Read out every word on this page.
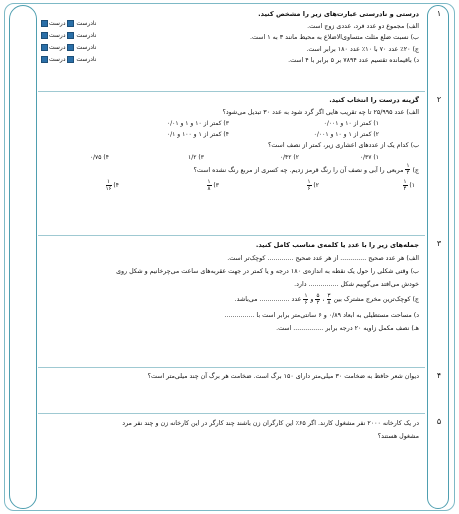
۱
درستی و نادرستی عبارت‌های زیر را مشخص کنید.
الف) مجموع دو عدد فرد، عددی زوج است.
ب) نسبت ضلع مثلث متساوی‌الاضلاع به محیط مانند ۳ به ۱ است.
ج) ۲۰٪ عدد ۷۰ با ۱۰٪ عدد ۱۸۰ برابر است.
د) باقیمانده تقسیم عدد ۷۸۹۴ بر ۵ برابر با ۴ است.
نادرست درست
نادرست درست
نادرست درست
نادرست درست
۲
گزینه درست را انتخاب کنید.
الف) عدد ۲۵/۹۹۵ تا چه تقریب هایی اگر گرد شود به عدد ۳۰ تبدیل می‌شود؟
۱) کمتر از ۱۰ و ۰/۰۰۱
۳) کمتر از ۱۰ و ۱ و ۰/۰۱
۲) کمتر از ۱ و ۱۰ و ۰/۰۰۱
۴) کمتر از ۱ و ۱۰۰ و ۰/۱
ب) کدام یک از عددهای اعشاری زیر، کمتر از نصف است؟
۱) ۰/۳۷
۲) ۰/۴۲
۳) ۱/۲
۴) ۰/۷۵
ج)
$\frac{۱}{۴}$
مربعی را آبی و نصف آن را رنگ قرمز زدیم. چه کسری از مربع رنگ نشده است؟
۱)
$\frac{۱}{۴}$
۲)
$\frac{۱}{۶}$
۳)
$\frac{۱}{۸}$
۴)
$\frac{۱}{۱۶}$
۳
جمله‌های زیر را با عدد یا کلمه‌ی مناسب کامل کنید.
الف) هر عدد صحیح ............. از هر عدد صحیح ............. کوچک‌تر است.
ب) وقتی شکلی را حول یک نقطه به اندازه‌ی ۱۸۰ درجه و یا کمتر در جهت عقربه‌های ساعت می‌چرخانیم و شکل روی
خودش می‌افتد می‌گوییم شکل ............... دارد.
ج) کوچک‌ترین مخرج مشترک بین
$\frac{۳}{۸}$
،
$\frac{۵}{۲}$
و
$\frac{۱}{۶}$
عدد ............... می‌باشد.
د) مساحت مستطیلی به ابعاد ۰/۸۹ و ۶ سانتی‌متر برابر است با ...............
هـ) نصف مکمل زاویه ۲۰ درجه برابر ............... است.
۴
دیوان شعر حافظ به ضخامت ۳۰ میلی‌متر دارای ۱۵۰ برگ است. ضخامت هر برگ آن چند میلی‌متر است؟
۵
در یک کارخانه ۲۰۰۰ نفر مشغول کارند. اگر ۶۵٪ این کارگران زن باشند چند کارگر در این کارخانه زن و چند نفر مرد
مشغول هستند؟
